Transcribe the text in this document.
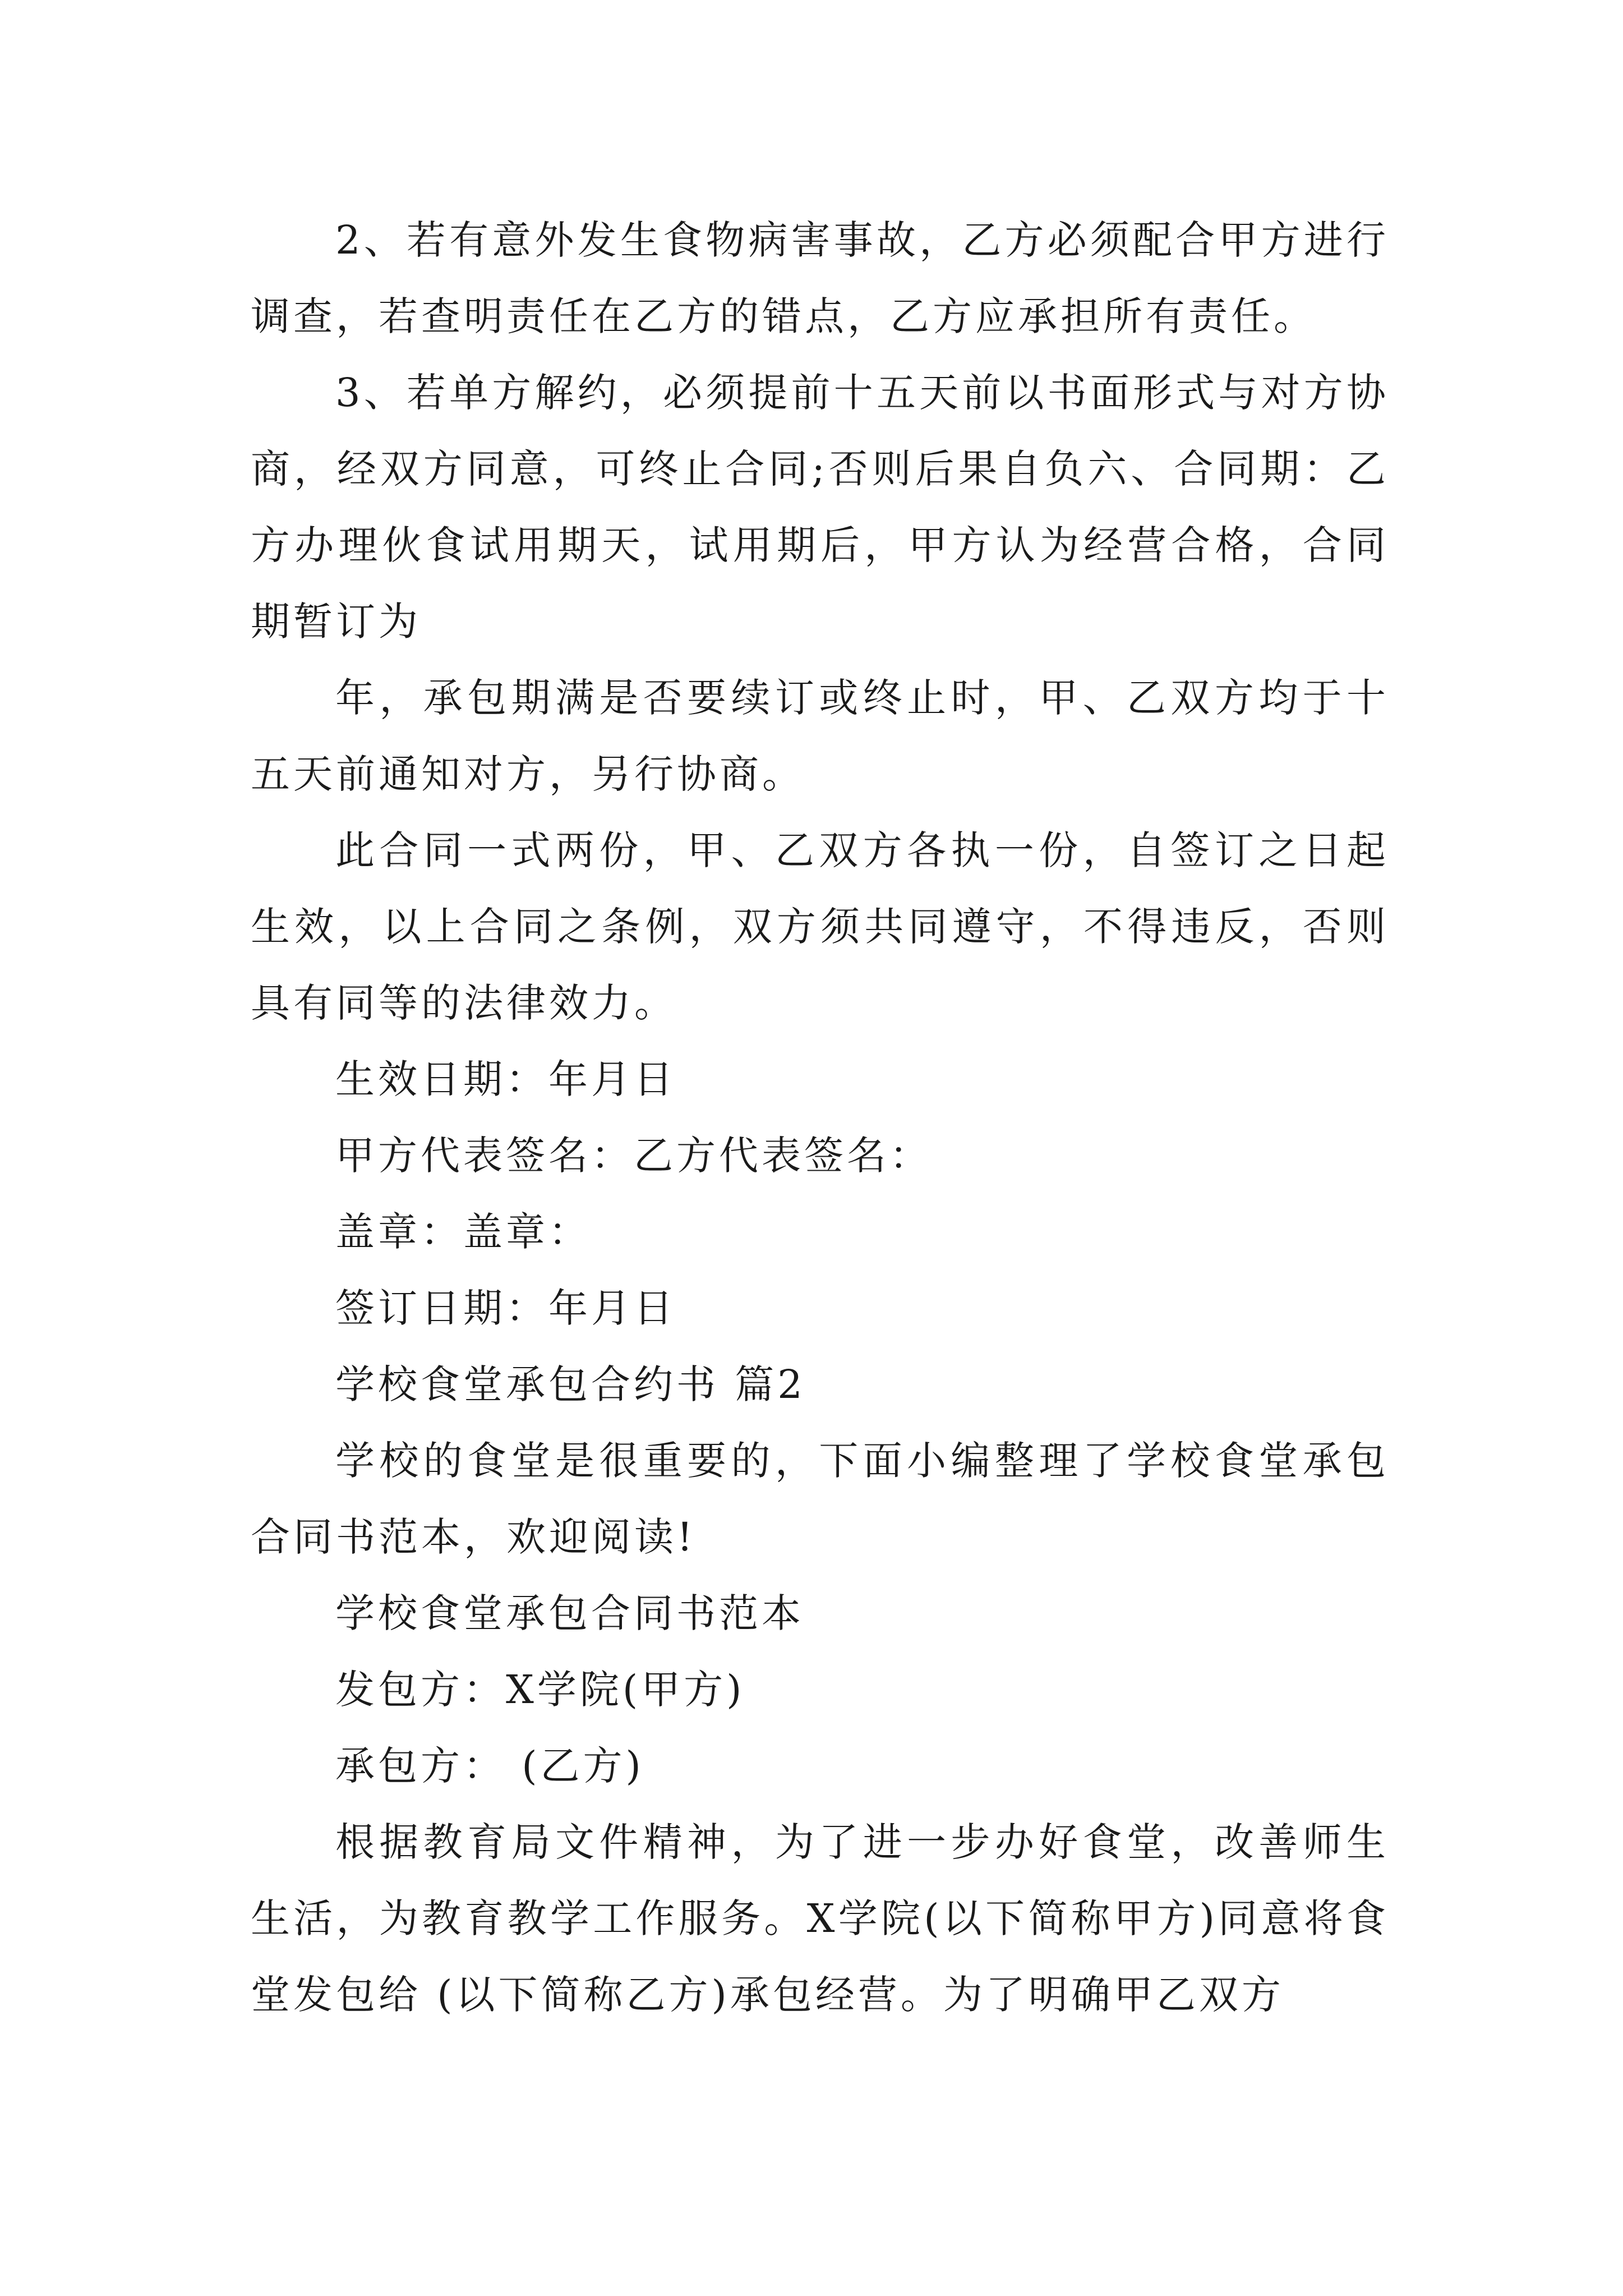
2、若有意外发生食物病害事故，乙方必须配合甲方进行调查，若查明责任在乙方的错点，乙方应承担所有责任。

3、若单方解约，必须提前十五天前以书面形式与对方协商，经双方同意，可终止合同;否则后果自负六、合同期：乙方办理伙食试用期天，试用期后，甲方认为经营合格，合同期暂订为

年，承包期满是否要续订或终止时，甲、乙双方均于十五天前通知对方，另行协商。

此合同一式两份，甲、乙双方各执一份，自签订之日起生效，以上合同之条例，双方须共同遵守，不得违反，否则具有同等的法律效力。

生效日期：年月日

甲方代表签名：乙方代表签名：

盖章：盖章：

签订日期：年月日

学校食堂承包合约书 篇2

学校的食堂是很重要的，下面小编整理了学校食堂承包合同书范本，欢迎阅读!

学校食堂承包合同书范本

发包方：X学院(甲方)

承包方： (乙方)

根据教育局文件精神，为了进一步办好食堂，改善师生生活，为教育教学工作服务。X学院(以下简称甲方)同意将食堂发包给 (以下简称乙方)承包经营。为了明确甲乙双方
